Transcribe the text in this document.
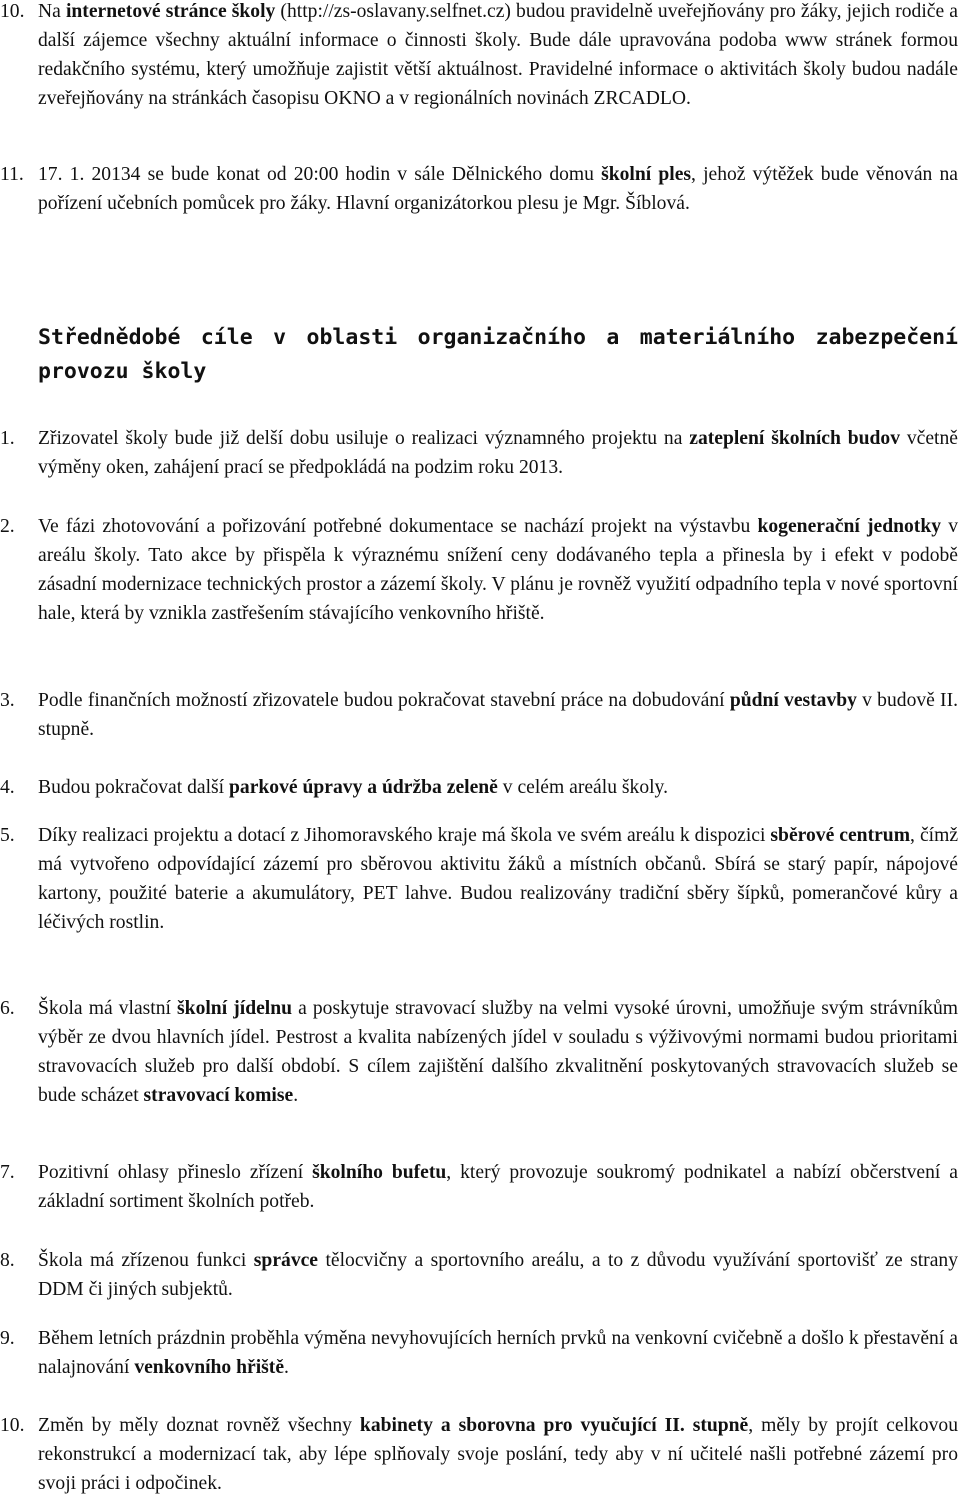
10. Na internetové stránce školy (http://zs-oslavany.selfnet.cz) budou pravidelně uveřejňovány pro žáky, jejich rodiče a další zájemce všechny aktuální informace o činnosti školy. Bude dále upravována podoba www stránek formou redakčního systému, který umožňuje zajistit větší aktuálnost. Pravidelné informace o aktivitách školy budou nadále zveřejňovány na stránkách časopisu OKNO a v regionálních novinách ZRCADLO.
11. 17. 1. 20134 se bude konat od 20:00 hodin v sále Dělnického domu školní ples, jehož výtěžek bude věnován na pořízení učebních pomůcek pro žáky. Hlavní organizátorkou plesu je Mgr. Šíblová.
Střednědobé cíle v oblasti organizačního a materiálního zabezpečení provozu školy
1.	Zřizovatel školy bude již delší dobu usiluje o realizaci významného projektu na zateplení školních budov včetně výměny oken, zahájení prací se předpokládá na podzim roku 2013.
2.	Ve fázi zhotovování a pořizování potřebné dokumentace se nachází projekt na výstavbu kogenerační jednotky v areálu školy. Tato akce by přispěla k výraznému snížení ceny dodávaného tepla a přinesla by i efekt v podobě zásadní modernizace technických prostor a zázemí školy. V plánu je rovněž využití odpadního tepla v nové sportovní hale, která by vznikla zastřešením stávajícího venkovního hřiště.
3.	Podle finančních možností zřizovatele budou pokračovat stavební práce na dobudování půdní vestavby v budově II. stupně.
4.	Budou pokračovat další parkové úpravy a údržba zeleně v celém areálu školy.
5.	Díky realizaci projektu a dotací z Jihomoravského kraje má škola ve svém areálu k dispozici sběrové centrum, čímž má vytvořeno odpovídající zázemí pro sběrovou aktivitu žáků a místních občanů. Sbírá se starý papír, nápojové kartony, použité baterie a akumulátory, PET lahve. Budou realizovány tradiční sběry šípků, pomerančové kůry a léčivých rostlin.
6.	Škola má vlastní školní jídelnu a poskytuje stravovací služby na velmi vysoké úrovni, umožňuje svým strávníkům výběr ze dvou hlavních jídel. Pestrost a kvalita nabízených jídel v souladu s výživovými normami budou prioritami stravovacích služeb pro další období. S cílem zajištění dalšího zkvalitnění poskytovaných stravovacích služeb se bude scházet stravovací komise.
7.	Pozitivní ohlasy přineslo zřízení školního bufetu, který provozuje soukromý podnikatel a nabízí občerstvení a základní sortiment školních potřeb.
8.	Škola má zřízenou funkci správce tělocvičny a sportovního areálu, a to z důvodu využívání sportovišť ze strany DDM či jiných subjektů.
9.	Během letních prázdnin proběhla výměna nevyhovujících herních prvků na venkovní cvičebně a došlo k přestavění a nalajnování venkovního hřiště.
10. Změn by měly doznat rovněž všechny kabinety a sborovna pro vyučující II. stupně, měly by projít celkovou rekonstrukcí a modernizací tak, aby lépe splňovaly svoje poslání, tedy aby v ní učitelé našli potřebné zázemí pro svoji práci i odpočinek.
